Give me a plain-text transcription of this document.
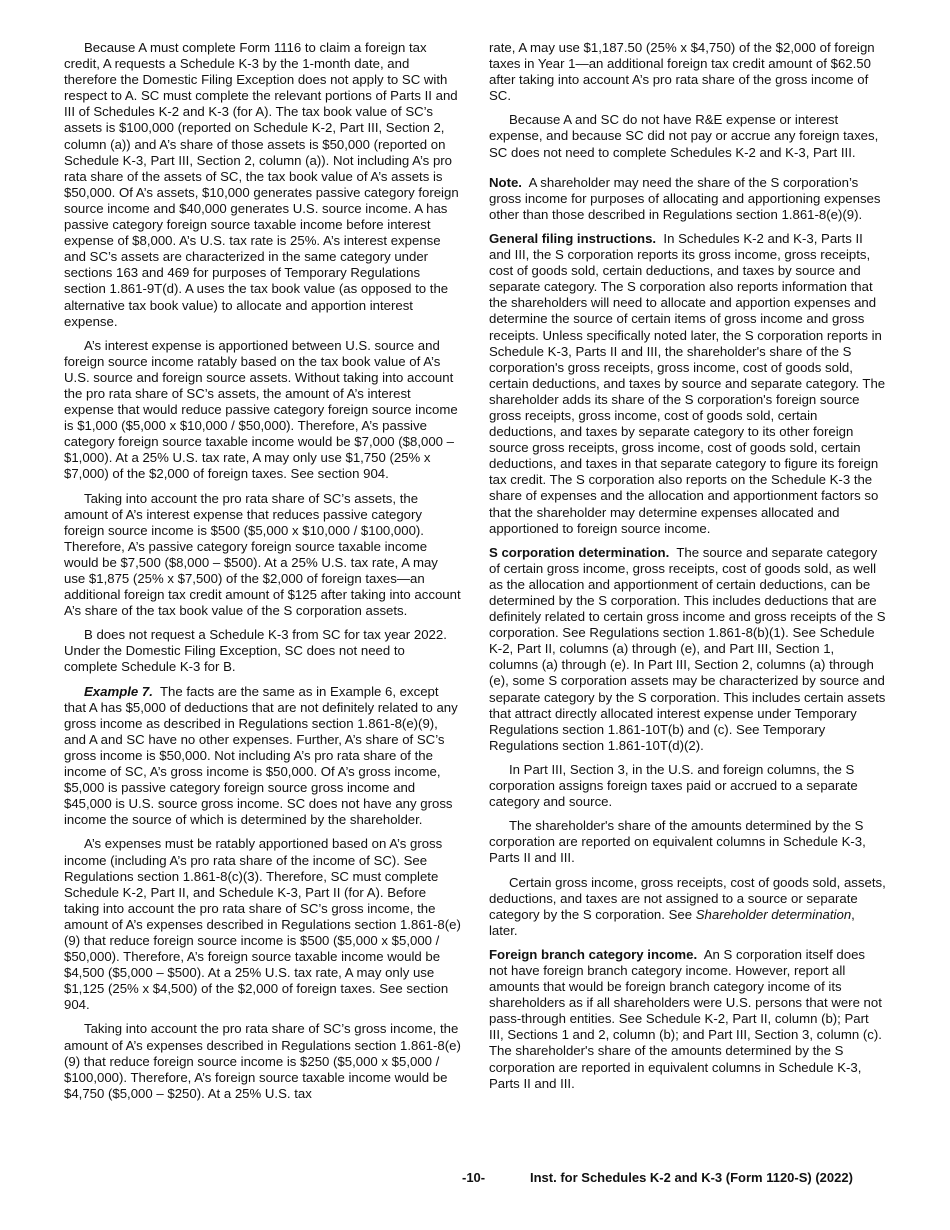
Because A must complete Form 1116 to claim a foreign tax credit, A requests a Schedule K-3 by the 1-month date, and therefore the Domestic Filing Exception does not apply to SC with respect to A. SC must complete the relevant portions of Parts II and III of Schedules K-2 and K-3 (for A). The tax book value of SC’s assets is $100,000 (reported on Schedule K-2, Part III, Section 2, column (a)) and A’s share of those assets is $50,000 (reported on Schedule K-3, Part III, Section 2, column (a)). Not including A’s pro rata share of the assets of SC, the tax book value of A’s assets is $50,000. Of A’s assets, $10,000 generates passive category foreign source income and $40,000 generates U.S. source income. A has passive category foreign source taxable income before interest expense of $8,000. A’s U.S. tax rate is 25%. A’s interest expense and SC’s assets are characterized in the same category under sections 163 and 469 for purposes of Temporary Regulations section 1.861-9T(d). A uses the tax book value (as opposed to the alternative tax book value) to allocate and apportion interest expense.

A’s interest expense is apportioned between U.S. source and foreign source income ratably based on the tax book value of A’s U.S. source and foreign source assets. Without taking into account the pro rata share of SC’s assets, the amount of A’s interest expense that would reduce passive category foreign source income is $1,000 ($5,000 x $10,000 / $50,000). Therefore, A’s passive category foreign source taxable income would be $7,000 ($8,000 – $1,000). At a 25% U.S. tax rate, A may only use $1,750 (25% x $7,000) of the $2,000 of foreign taxes. See section 904.

Taking into account the pro rata share of SC’s assets, the amount of A’s interest expense that reduces passive category foreign source income is $500 ($5,000 x $10,000 / $100,000). Therefore, A’s passive category foreign source taxable income would be $7,500 ($8,000 – $500). At a 25% U.S. tax rate, A may use $1,875 (25% x $7,500) of the $2,000 of foreign taxes—an additional foreign tax credit amount of $125 after taking into account A’s share of the tax book value of the S corporation assets.

B does not request a Schedule K-3 from SC for tax year 2022. Under the Domestic Filing Exception, SC does not need to complete Schedule K-3 for B.

Example 7. The facts are the same as in Example 6, except that A has $5,000 of deductions that are not definitely related to any gross income as described in Regulations section 1.861-8(e)(9), and A and SC have no other expenses. Further, A’s share of SC’s gross income is $50,000. Not including A’s pro rata share of the income of SC, A’s gross income is $50,000. Of A’s gross income, $5,000 is passive category foreign source gross income and $45,000 is U.S. source gross income. SC does not have any gross income the source of which is determined by the shareholder.

A’s expenses must be ratably apportioned based on A’s gross income (including A’s pro rata share of the income of SC). See Regulations section 1.861-8(c)(3). Therefore, SC must complete Schedule K-2, Part II, and Schedule K-3, Part II (for A). Before taking into account the pro rata share of SC’s gross income, the amount of A’s expenses described in Regulations section 1.861-8(e)(9) that reduce foreign source income is $500 ($5,000 x $5,000 / $50,000). Therefore, A’s foreign source taxable income would be $4,500 ($5,000 – $500). At a 25% U.S. tax rate, A may only use $1,125 (25% x $4,500) of the $2,000 of foreign taxes. See section 904.

Taking into account the pro rata share of SC’s gross income, the amount of A’s expenses described in Regulations section 1.861-8(e)(9) that reduce foreign source income is $250 ($5,000 x $5,000 / $100,000). Therefore, A’s foreign source taxable income would be $4,750 ($5,000 – $250). At a 25% U.S. tax

rate, A may use $1,187.50 (25% x $4,750) of the $2,000 of foreign taxes in Year 1—an additional foreign tax credit amount of $62.50 after taking into account A’s pro rata share of the gross income of SC.

Because A and SC do not have R&E expense or interest expense, and because SC did not pay or accrue any foreign taxes, SC does not need to complete Schedules K-2 and K-3, Part III.

Note. A shareholder may need the share of the S corporation’s gross income for purposes of allocating and apportioning expenses other than those described in Regulations section 1.861-8(e)(9).

General filing instructions. In Schedules K-2 and K-3, Parts II and III, the S corporation reports its gross income, gross receipts, cost of goods sold, certain deductions, and taxes by source and separate category. The S corporation also reports information that the shareholders will need to allocate and apportion expenses and determine the source of certain items of gross income and gross receipts. Unless specifically noted later, the S corporation reports in Schedule K-3, Parts II and III, the shareholder's share of the S corporation's gross receipts, gross income, cost of goods sold, certain deductions, and taxes by source and separate category. The shareholder adds its share of the S corporation's foreign source gross receipts, gross income, cost of goods sold, certain deductions, and taxes by separate category to its other foreign source gross receipts, gross income, cost of goods sold, certain deductions, and taxes in that separate category to figure its foreign tax credit. The S corporation also reports on the Schedule K-3 the share of expenses and the allocation and apportionment factors so that the shareholder may determine expenses allocated and apportioned to foreign source income.

S corporation determination. The source and separate category of certain gross income, gross receipts, cost of goods sold, as well as the allocation and apportionment of certain deductions, can be determined by the S corporation. This includes deductions that are definitely related to certain gross income and gross receipts of the S corporation. See Regulations section 1.861-8(b)(1). See Schedule K-2, Part II, columns (a) through (e), and Part III, Section 1, columns (a) through (e). In Part III, Section 2, columns (a) through (e), some S corporation assets may be characterized by source and separate category by the S corporation. This includes certain assets that attract directly allocated interest expense under Temporary Regulations section 1.861-10T(b) and (c). See Temporary Regulations section 1.861-10T(d)(2).

In Part III, Section 3, in the U.S. and foreign columns, the S corporation assigns foreign taxes paid or accrued to a separate category and source.

The shareholder's share of the amounts determined by the S corporation are reported on equivalent columns in Schedule K-3, Parts II and III.

Certain gross income, gross receipts, cost of goods sold, assets, deductions, and taxes are not assigned to a source or separate category by the S corporation. See Shareholder determination, later.

Foreign branch category income. An S corporation itself does not have foreign branch category income. However, report all amounts that would be foreign branch category income of its shareholders as if all shareholders were U.S. persons that were not pass-through entities. See Schedule K-2, Part II, column (b); Part III, Sections 1 and 2, column (b); and Part III, Section 3, column (c). The shareholder's share of the amounts determined by the S corporation are reported in equivalent columns in Schedule K-3, Parts II and III.

-10-	Inst. for Schedules K-2 and K-3 (Form 1120-S) (2022)
